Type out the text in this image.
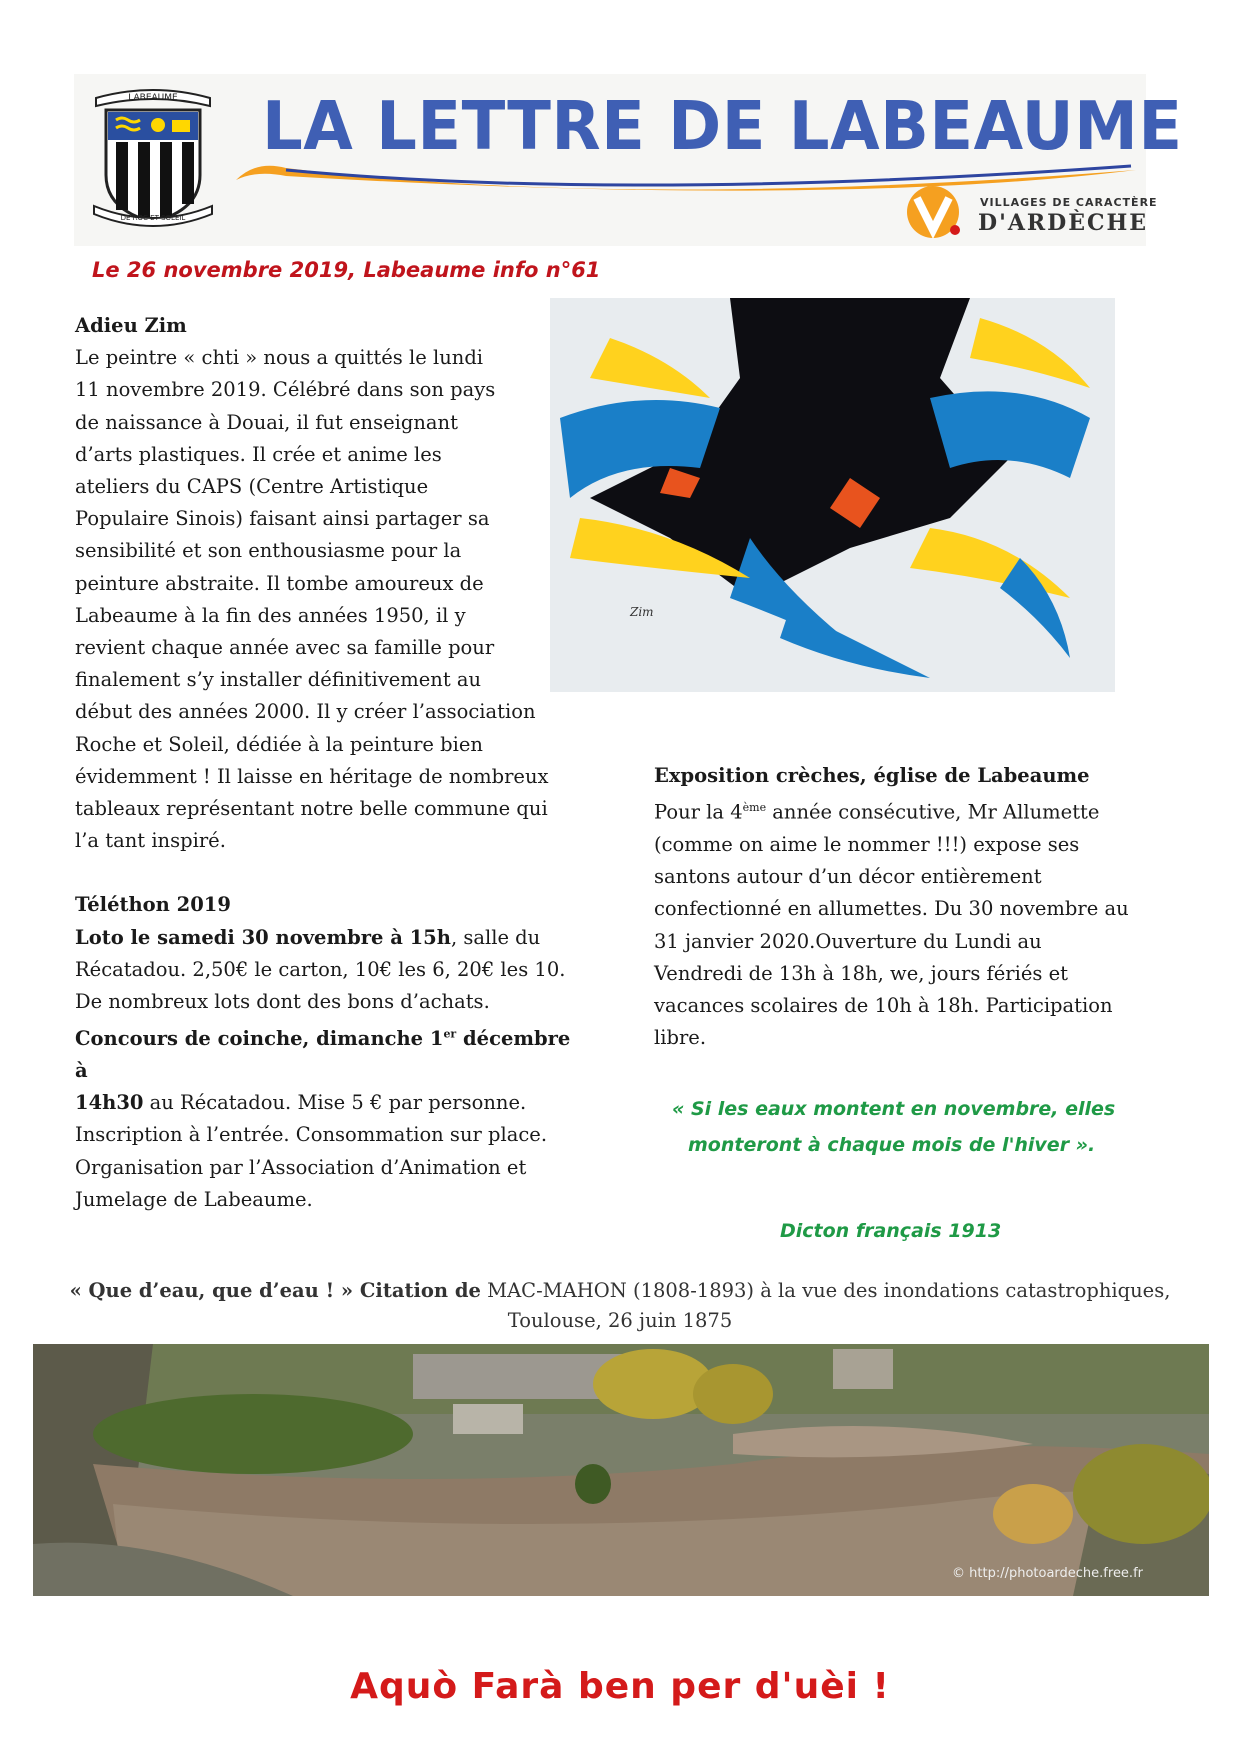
LABEAUME
DE ROC ET SOLEIL
LA LETTRE DE LABEAUME
VILLAGES DE CARACTÈRE
D'ARDÈCHE
Le 26 novembre 2019, Labeaume info n°61
Zim

Adieu Zim

Le peintre « chti » nous a quittés le lundi

11 novembre 2019. Célébré dans son pays

de naissance à Douai, il fut enseignant

d’arts plastiques. Il crée et anime les

ateliers du CAPS (Centre Artistique

Populaire Sinois) faisant ainsi partager sa

sensibilité et son enthousiasme pour la

peinture abstraite. Il tombe amoureux de

Labeaume à la fin des années 1950, il y

revient chaque année avec sa famille pour

finalement s’y installer définitivement au

début des années 2000. Il y créer l’association

Roche et Soleil, dédiée à la peinture bien

évidemment ! Il laisse en héritage de nombreux

tableaux représentant notre belle commune qui

l’a tant inspiré.

Téléthon 2019

Loto le samedi 30 novembre à 15h, salle du

Récatadou. 2,50€ le carton, 10€ les 6, 20€ les 10.

De nombreux lots dont des bons d’achats.

Concours de coinche, dimanche 1er décembre à

14h30 au Récatadou. Mise 5 € par personne.

Inscription à l’entrée. Consommation sur place.

Organisation par l’Association d’Animation et

Jumelage de Labeaume.

Exposition crèches, église de Labeaume

Pour la 4ème année consécutive, Mr Allumette

(comme on aime le nommer !!!) expose ses

santons autour d’un décor entièrement

confectionné en allumettes. Du 30 novembre au

31 janvier 2020.Ouverture du Lundi au

Vendredi de 13h à 18h, we, jours fériés et

vacances scolaires de 10h à 18h. Participation

libre.

« Si les eaux montent en novembre, elles
monteront à chaque mois de l'hiver ».
Dicton français 1913
« Que d’eau, que d’eau ! » Citation de MAC-MAHON (1808-1893) à la vue des inondations catastrophiques,
Toulouse, 26 juin 1875
© http://photoardeche.free.fr
Aquò Farà ben per d'uèi !
